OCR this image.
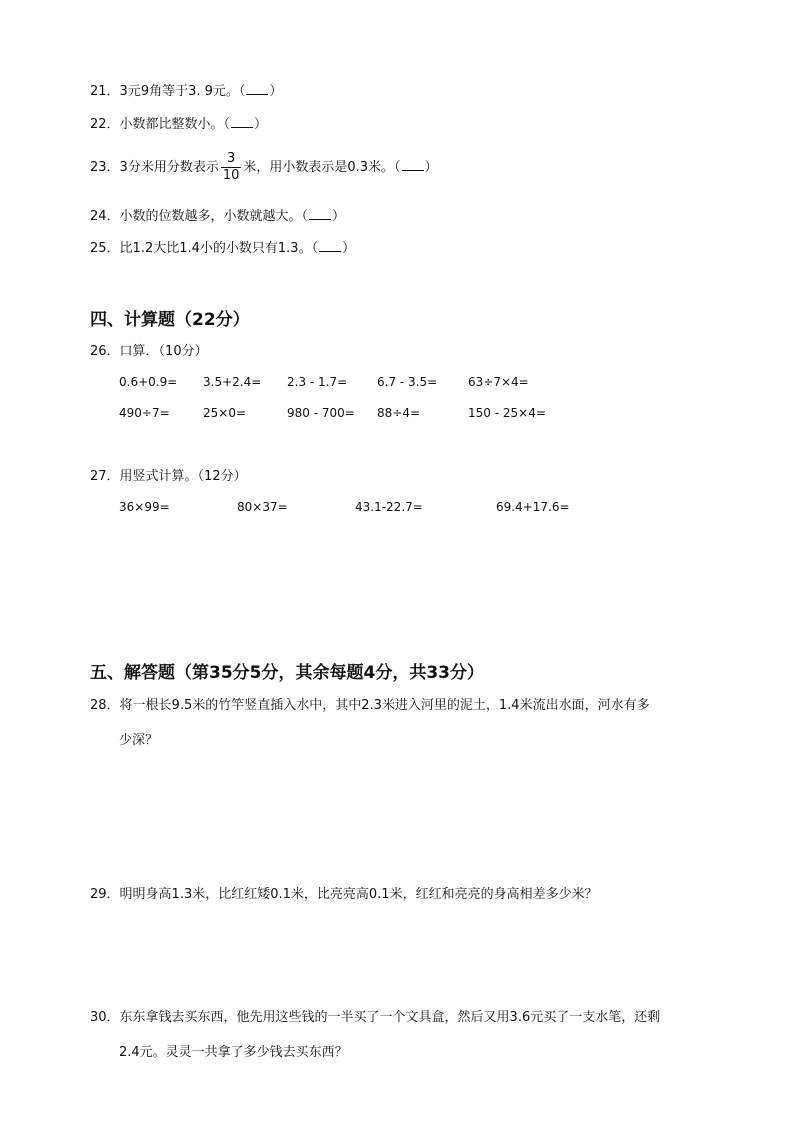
21．3元9角等于3. 9元。（ ）
22．小数都比整数小。（ ）
23．3分米用分数表示 $\frac{3}{10}$ 米，用小数表示是0.3米。（ ）
24．小数的位数越多，小数就越大。（ ）
25．比1.2大比1.4小的小数只有1.3。（ ）
四、计算题（22分）
26．口算．（10分）
0.6+0.9= 3.5+2.4= 2.3 - 1.7= 6.7 - 3.5=	63÷7×4=
490÷7=	25×0=	980 - 700= 88÷4=	150 - 25×4=
27．用竖式计算。（12分）
36×99=	80×37=	43.1-22.7=	69.4+17.6=
五、解答题（第35分5分，其余每题4分，共33分）
28．将一根长9.5米的竹竿竖直插入水中，其中2.3米进入河里的泥土，1.4米流出水面，河水有多
少深？
29．明明身高1.3米，比红红矮0.1米，比亮亮高0.1米，红红和亮亮的身高相差多少米？
30．东东拿钱去买东西，他先用这些钱的一半买了一个文具盒，然后又用3.6元买了一支水笔，还剩
2.4元。灵灵一共拿了多少钱去买东西？
